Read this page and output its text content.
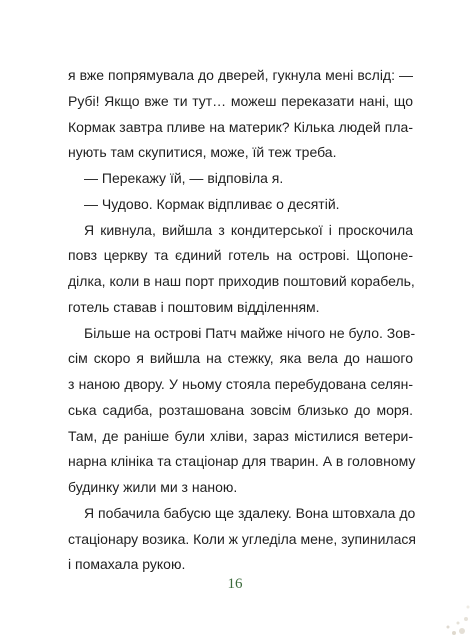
я вже попрямувала до дверей, гукнула мені вслід: —
Рубі! Якщо вже ти тут… можеш переказати нані, що
Кормак завтра пливе на материк? Кілька людей пла-
нують там скупитися, може, їй теж треба.
— Перекажу їй, — відповіла я.
— Чудово. Кормак відпливає о десятій.
Я кивнула, вийшла з кондитерської і проскочила
повз церкву та єдиний готель на острові. Щопоне-
ділка, коли в наш порт приходив поштовий корабель,
готель ставав і поштовим відділенням.
Більше на острові Патч майже нічого не було. Зов-
сім скоро я вийшла на стежку, яка вела до нашого
з наною двору. У ньому стояла перебудована селян-
ська садиба, розташована зовсім близько до моря.
Там, де раніше були хліви, зараз містилися ветери-
нарна клініка та стаціонар для тварин. А в головному
будинку жили ми з наною.
Я побачила бабусю ще здалеку. Вона штовхала до
стаціонару возика. Коли ж угледіла мене, зупинилася
і помахала рукою.
16
